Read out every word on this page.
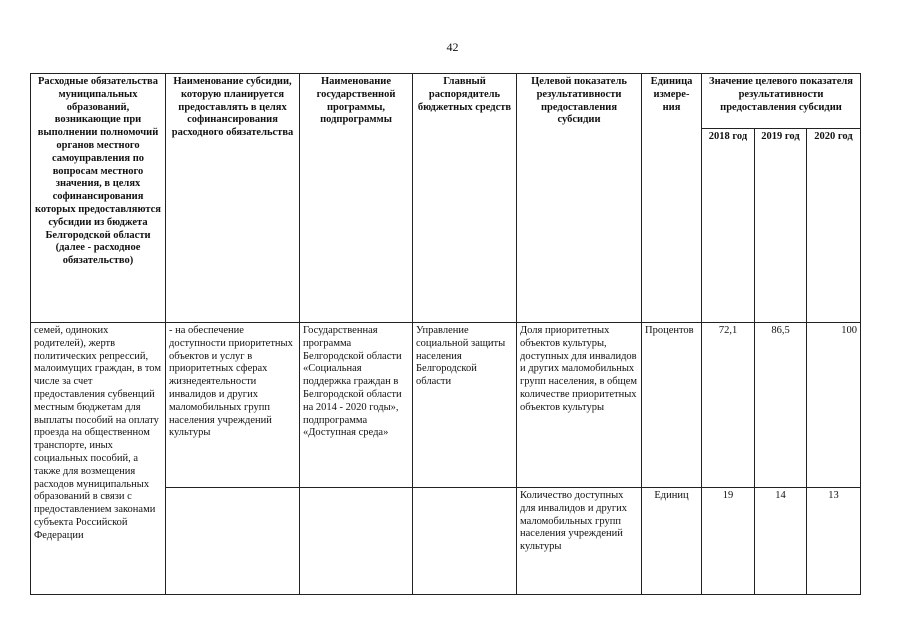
42
Расходные обязательства муниципальных образований, возникающие при выполнении полномочий органов местного самоуправления по вопросам местного значения, в целях софинансирования которых предоставляются субсидии из бюджета Белгородской области (далее - расходное обязательство)	Наименование субсидии, которую планируется предоставлять в целях софинансирования расходного обязательства	Наименование государственной программы, подпрограммы	Главный распорядитель бюджетных средств	Целевой показатель результативности предоставления субсидии	Единица измере-ния	Значение целевого показателя результативности предоставления субсидии		
						2018 год	2019 год	2020 год
семей, одиноких родителей), жертв политических репрессий, малоимущих граждан, в том числе за счет предоставления субвенций местным бюджетам для выплаты пособий на оплату проезда на общественном транспорте, иных социальных пособий, а также для возмещения расходов муниципальных образований в связи с предоставлением законами субъекта Российской Федерации	- на обеспечение доступности приоритетных объектов и услуг в приоритетных сферах жизнедеятельности инвалидов и других маломобильных групп населения учреждений культуры	Государственная программа Белгородской области «Социальная поддержка граждан в Белгородской области на 2014 - 2020 годы», подпрограмма «Доступная среда»	Управление социальной защиты населения Белгородской области	Доля приоритетных объектов культуры, доступных для инвалидов и других маломобильных групп населения, в общем количестве приоритетных объектов культуры	Процентов	72,1	86,5	100
				Количество доступных для инвалидов и других маломобильных групп населения учреждений культуры	Единиц	19	14	13
